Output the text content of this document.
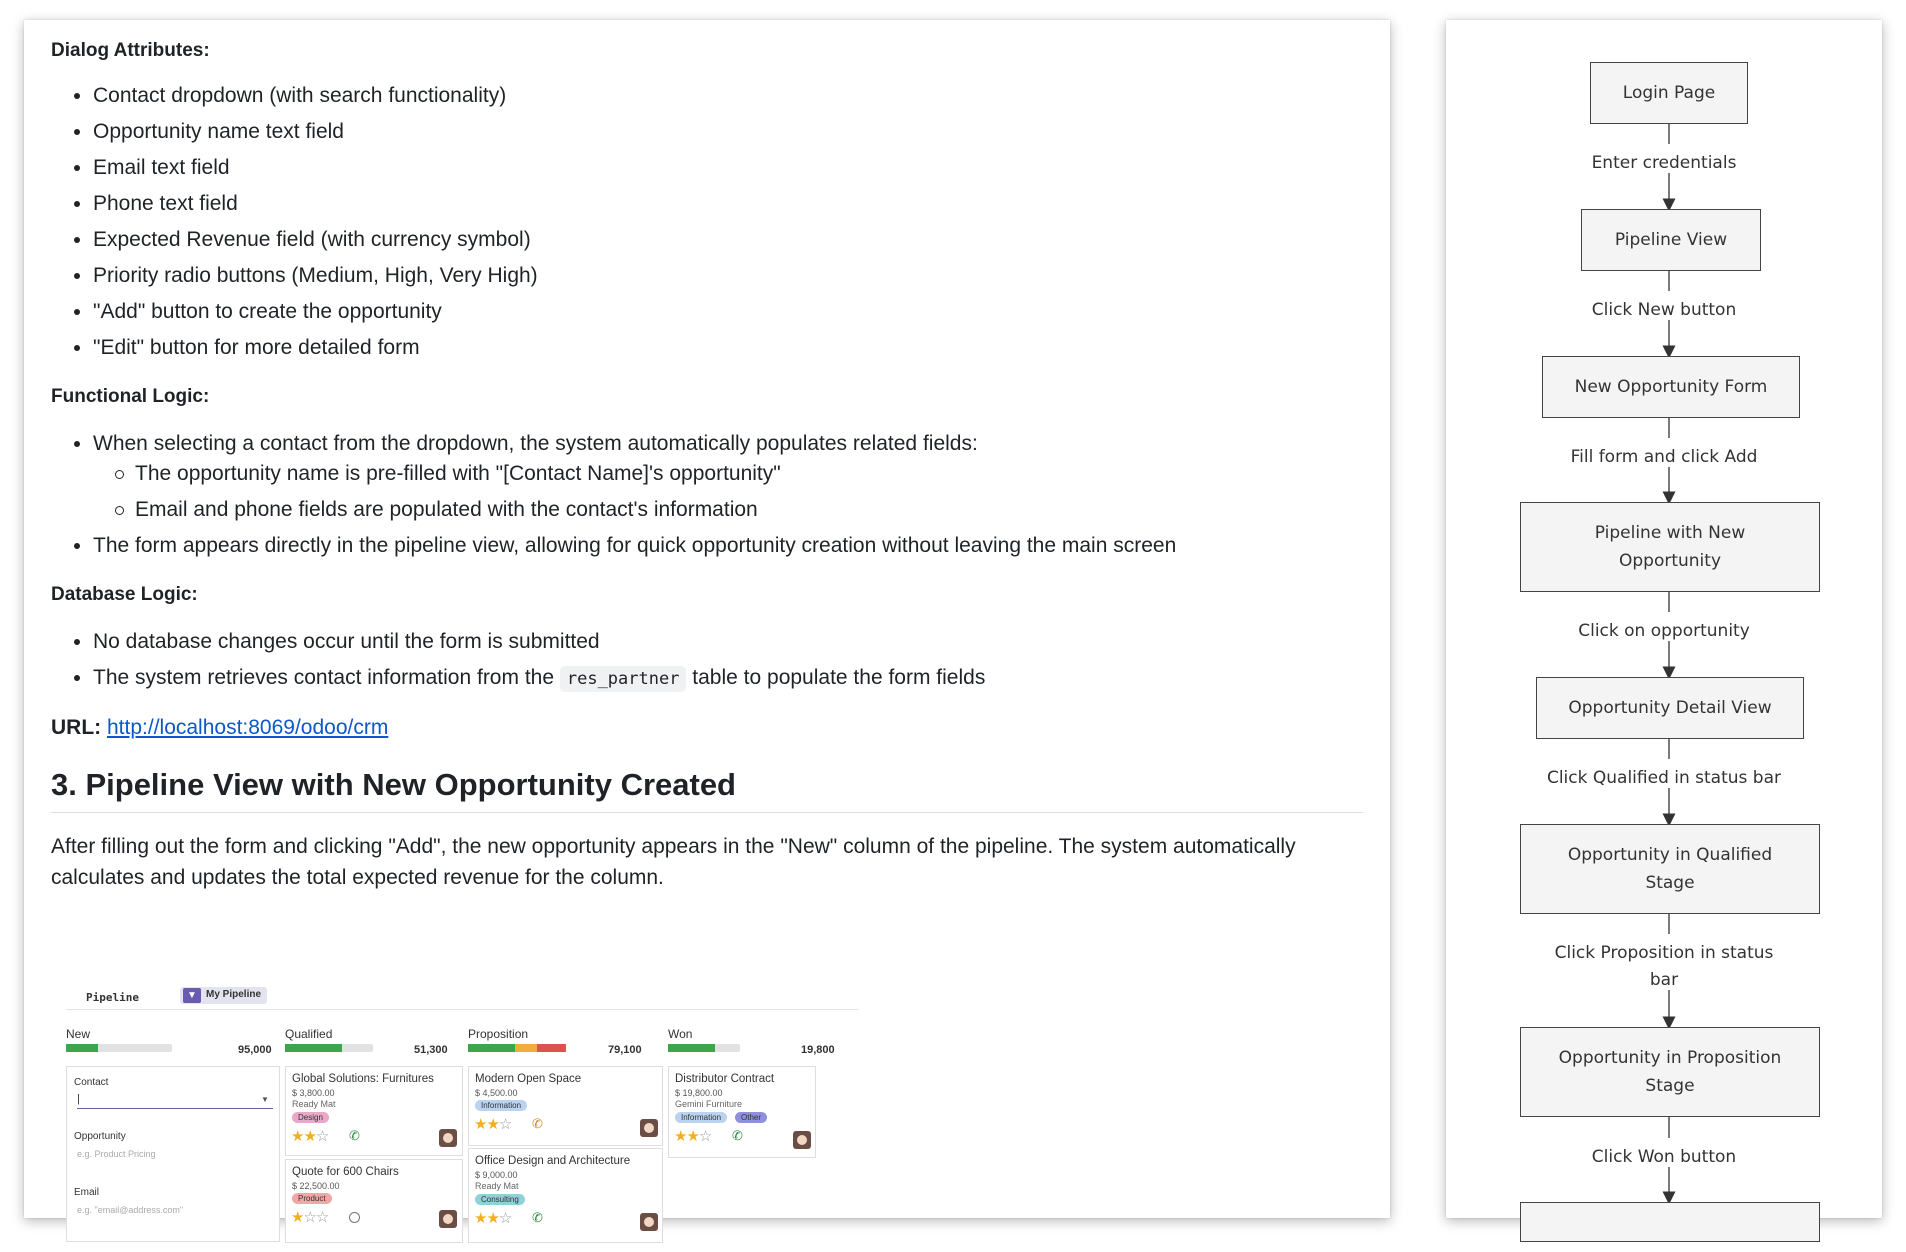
Dialog Attributes:
Contact dropdown (with search functionality)
Opportunity name text field
Email text field
Phone text field
Expected Revenue field (with currency symbol)
Priority radio buttons (Medium, High, Very High)
"Add" button to create the opportunity
"Edit" button for more detailed form
Functional Logic:
When selecting a contact from the dropdown, the system automatically populates related fields:
The opportunity name is pre-filled with "[Contact Name]'s opportunity"
Email and phone fields are populated with the contact's information
The form appears directly in the pipeline view, allowing for quick opportunity creation without leaving the main screen
Database Logic:
No database changes occur until the form is submitted
The system retrieves contact information from the res_partner table to populate the form fields
URL: http://localhost:8069/odoo/crm
3. Pipeline View with New Opportunity Created

After filling out the form and clicking "Add", the new opportunity appears in the "New" column of the pipeline. The system automatically calculates and updates the total expected revenue for the column.

Pipeline	▼ My Pipeline
New
95,000
Qualified
51,300
Proposition
79,100
Won
19,800
Contact
|	▼
Opportunity
e.g. Product Pricing
Email
e.g. "email@address.com"
Global Solutions: Furnitures
$ 3,800.00
Ready Mat
Design
★★☆ ✆
Quote for 600 Chairs
$ 22,500.00
Product
★☆☆
Modern Open Space
$ 4,500.00
Information
★★☆ ✆
Office Design and Architecture
$ 9,000.00
Ready Mat
Consulting
★★☆ ✆
Distributor Contract
$ 19,800.00
Gemini Furniture
Information	Other
★★☆ ✆
Login Page
Enter credentials
Pipeline View
Click New button
New Opportunity Form
Fill form and click Add
Pipeline with New
Opportunity
Click on opportunity
Opportunity Detail View
Click Qualified in status bar
Opportunity in Qualified
Stage
Click Proposition in status
bar
Opportunity in Proposition
Stage
Click Won button
